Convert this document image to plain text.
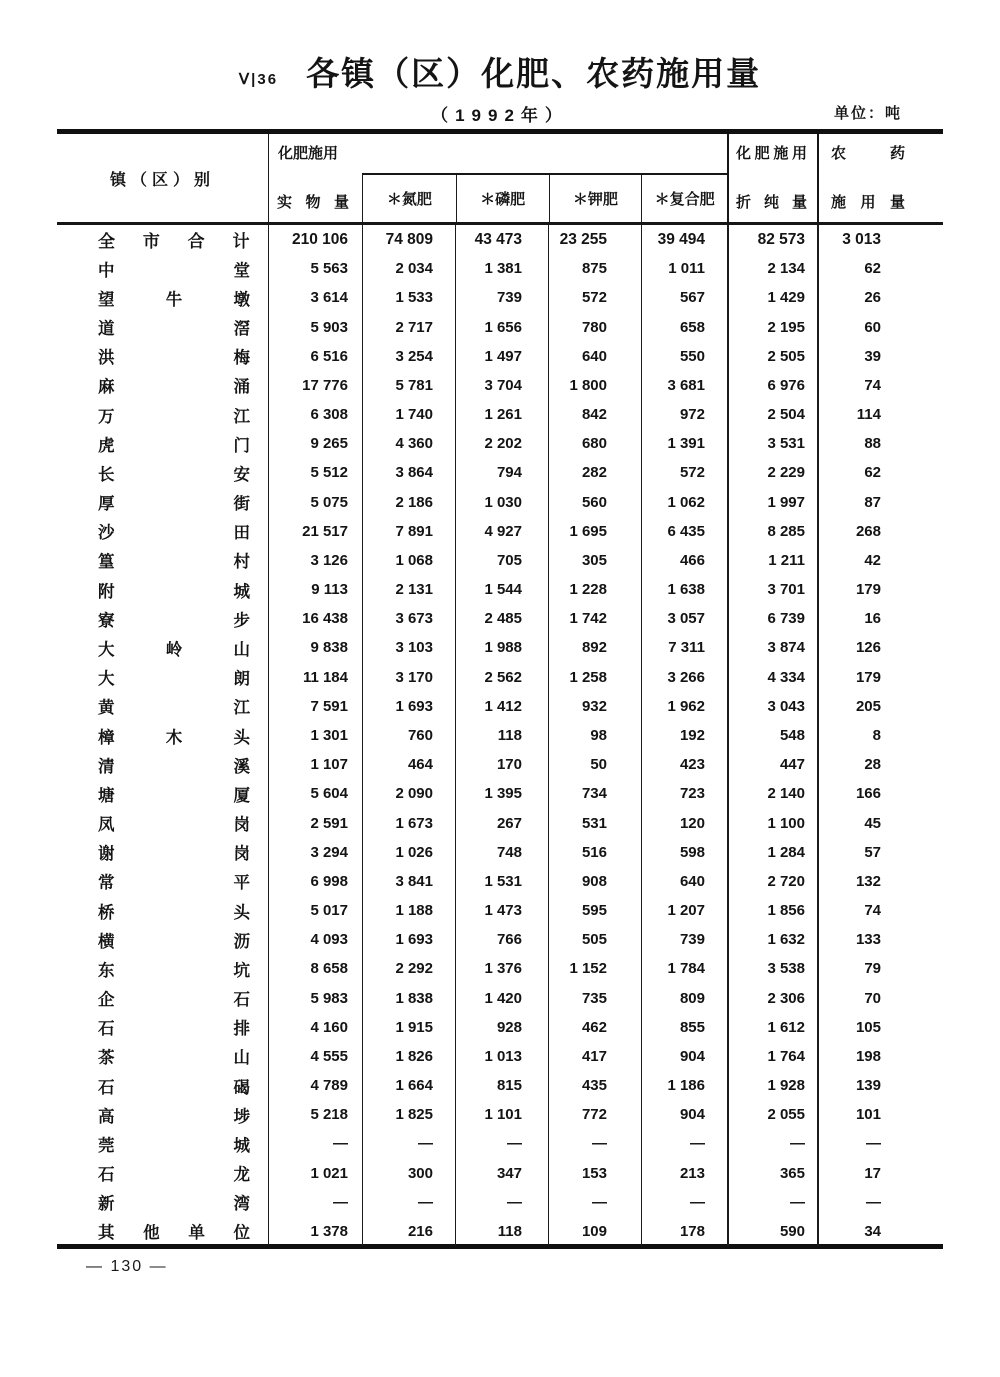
Ⅴ|36 各镇（区）化肥、农药施用量
（1992年）	单位：吨
镇（区）别
化肥施用
实物量	＊氮肥	＊磷肥	＊钾肥	＊复合肥
化肥施用
折纯量
农药
施用量
全市合计	210 106	74 809	43 473	23 255	39 494	82 573	3 013
中堂	5 563	2 034	1 381	875	1 011	2 134	62
望牛墩	3 614	1 533	739	572	567	1 429	26
道滘	5 903	2 717	1 656	780	658	2 195	60
洪梅	6 516	3 254	1 497	640	550	2 505	39
麻涌	17 776	5 781	3 704	1 800	3 681	6 976	74
万江	6 308	1 740	1 261	842	972	2 504	114
虎门	9 265	4 360	2 202	680	1 391	3 531	88
长安	5 512	3 864	794	282	572	2 229	62
厚街	5 075	2 186	1 030	560	1 062	1 997	87
沙田	21 517	7 891	4 927	1 695	6 435	8 285	268
篁村	3 126	1 068	705	305	466	1 211	42
附城	9 113	2 131	1 544	1 228	1 638	3 701	179
寮步	16 438	3 673	2 485	1 742	3 057	6 739	16
大岭山	9 838	3 103	1 988	892	7 311	3 874	126
大朗	11 184	3 170	2 562	1 258	3 266	4 334	179
黄江	7 591	1 693	1 412	932	1 962	3 043	205
樟木头	1 301	760	118	98	192	548	8
清溪	1 107	464	170	50	423	447	28
塘厦	5 604	2 090	1 395	734	723	2 140	166
凤岗	2 591	1 673	267	531	120	1 100	45
谢岗	3 294	1 026	748	516	598	1 284	57
常平	6 998	3 841	1 531	908	640	2 720	132
桥头	5 017	1 188	1 473	595	1 207	1 856	74
横沥	4 093	1 693	766	505	739	1 632	133
东坑	8 658	2 292	1 376	1 152	1 784	3 538	79
企石	5 983	1 838	1 420	735	809	2 306	70
石排	4 160	1 915	928	462	855	1 612	105
茶山	4 555	1 826	1 013	417	904	1 764	198
石碣	4 789	1 664	815	435	1 186	1 928	139
高埗	5 218	1 825	1 101	772	904	2 055	101
莞城	—	—	—	—	—	—	—
石龙	1 021	300	347	153	213	365	17
新湾	—	—	—	—	—	—	—
其他单位	1 378	216	118	109	178	590	34
— 130 —
